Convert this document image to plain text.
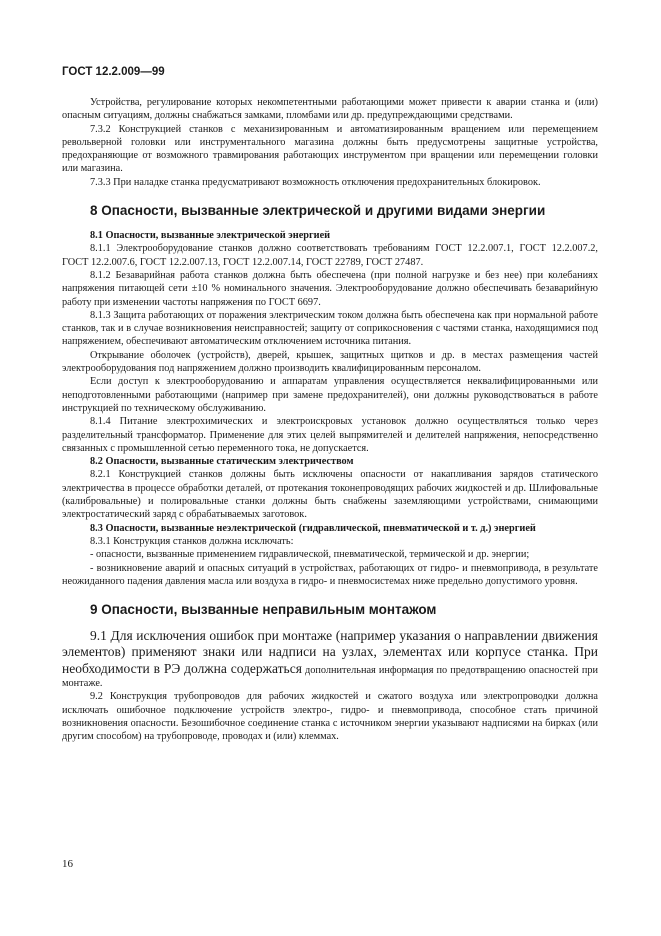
ГОСТ 12.2.009—99

Устройства, регулирование которых некомпетентными работающими может привести к аварии станка и (или) опасным ситуациям, должны снабжаться замками, пломбами или др. предупреждающими средствами.

7.3.2 Конструкцией станков с механизированным и автоматизированным вращением или перемещением револьверной головки или инструментального магазина должны быть предусмотрены защитные устройства, предохраняющие от возможного травмирования работающих инструментом при вращении или перемещении головки или магазина.

7.3.3 При наладке станка предусматривают возможность отключения предохранительных блокировок.

8 Опасности, вызванные электрической и другими видами энергии
8.1 Опасности, вызванные электрической энергией

8.1.1 Электрооборудование станков должно соответствовать требованиям ГОСТ 12.2.007.1, ГОСТ 12.2.007.2, ГОСТ 12.2.007.6, ГОСТ 12.2.007.13, ГОСТ 12.2.007.14, ГОСТ 22789, ГОСТ 27487.

8.1.2 Безаварийная работа станков должна быть обеспечена (при полной нагрузке и без нее) при колебаниях напряжения питающей сети ±10 % номинального значения. Электрооборудование должно обеспечивать безаварийную работу при изменении частоты напряжения по ГОСТ 6697.

8.1.3 Защита работающих от поражения электрическим током должна быть обеспечена как при нормальной работе станков, так и в случае возникновения неисправностей; защиту от соприкосновения с частями станка, находящимися под напряжением, обеспечивают автоматическим отключением источника питания.

Открывание оболочек (устройств), дверей, крышек, защитных щитков и др. в местах размещения частей электрооборудования под напряжением должно производить квалифицированным персоналом.

Если доступ к электрооборудованию и аппаратам управления осуществляется неквалифицированными или неподготовленными работающими (например при замене предохранителей), они должны руководствоваться в работе инструкцией по техническому обслуживанию.

8.1.4 Питание электрохимических и электроискровых установок должно осуществляться только через разделительный трансформатор. Применение для этих целей выпрямителей и делителей напряжения, непосредственно связанных с промышленной сетью переменного тока, не допускается.

8.2 Опасности, вызванные статическим электричеством

8.2.1 Конструкцией станков должны быть исключены опасности от накапливания зарядов статического электричества в процессе обработки деталей, от протекания токонепроводящих рабочих жидкостей и др. Шлифовальные (калибровальные) и полировальные станки должны быть снабжены заземляющими устройствами, снимающими электростатический заряд с обрабатываемых заготовок.

8.3 Опасности, вызванные неэлектрической (гидравлической, пневматической и т. д.) энергией

8.3.1 Конструкция станков должна исключать:

- опасности, вызванные применением гидравлической, пневматической, термической и др. энергии;

- возникновение аварий и опасных ситуаций в устройствах, работающих от гидро- и пневмопривода, в результате неожиданного падения давления масла или воздуха в гидро- и пневмосистемах ниже предельно допустимого уровня.

9 Опасности, вызванные неправильным монтажом

9.1 Для исключения ошибок при монтаже (например указания о направлении движения элементов) применяют знаки или надписи на узлах, элементах или корпусе станка. При необходимости в РЭ должна содержаться дополнительная информация по предотвращению опасностей при монтаже.

9.2 Конструкция трубопроводов для рабочих жидкостей и сжатого воздуха или электропроводки должна исключать ошибочное подключение устройств электро-, гидро- и пневмопривода, способное стать причиной возникновения опасности. Безошибочное соединение станка с источником энергии указывают надписями на бирках (или другим способом) на трубопроводе, проводах и (или) клеммах.

16
